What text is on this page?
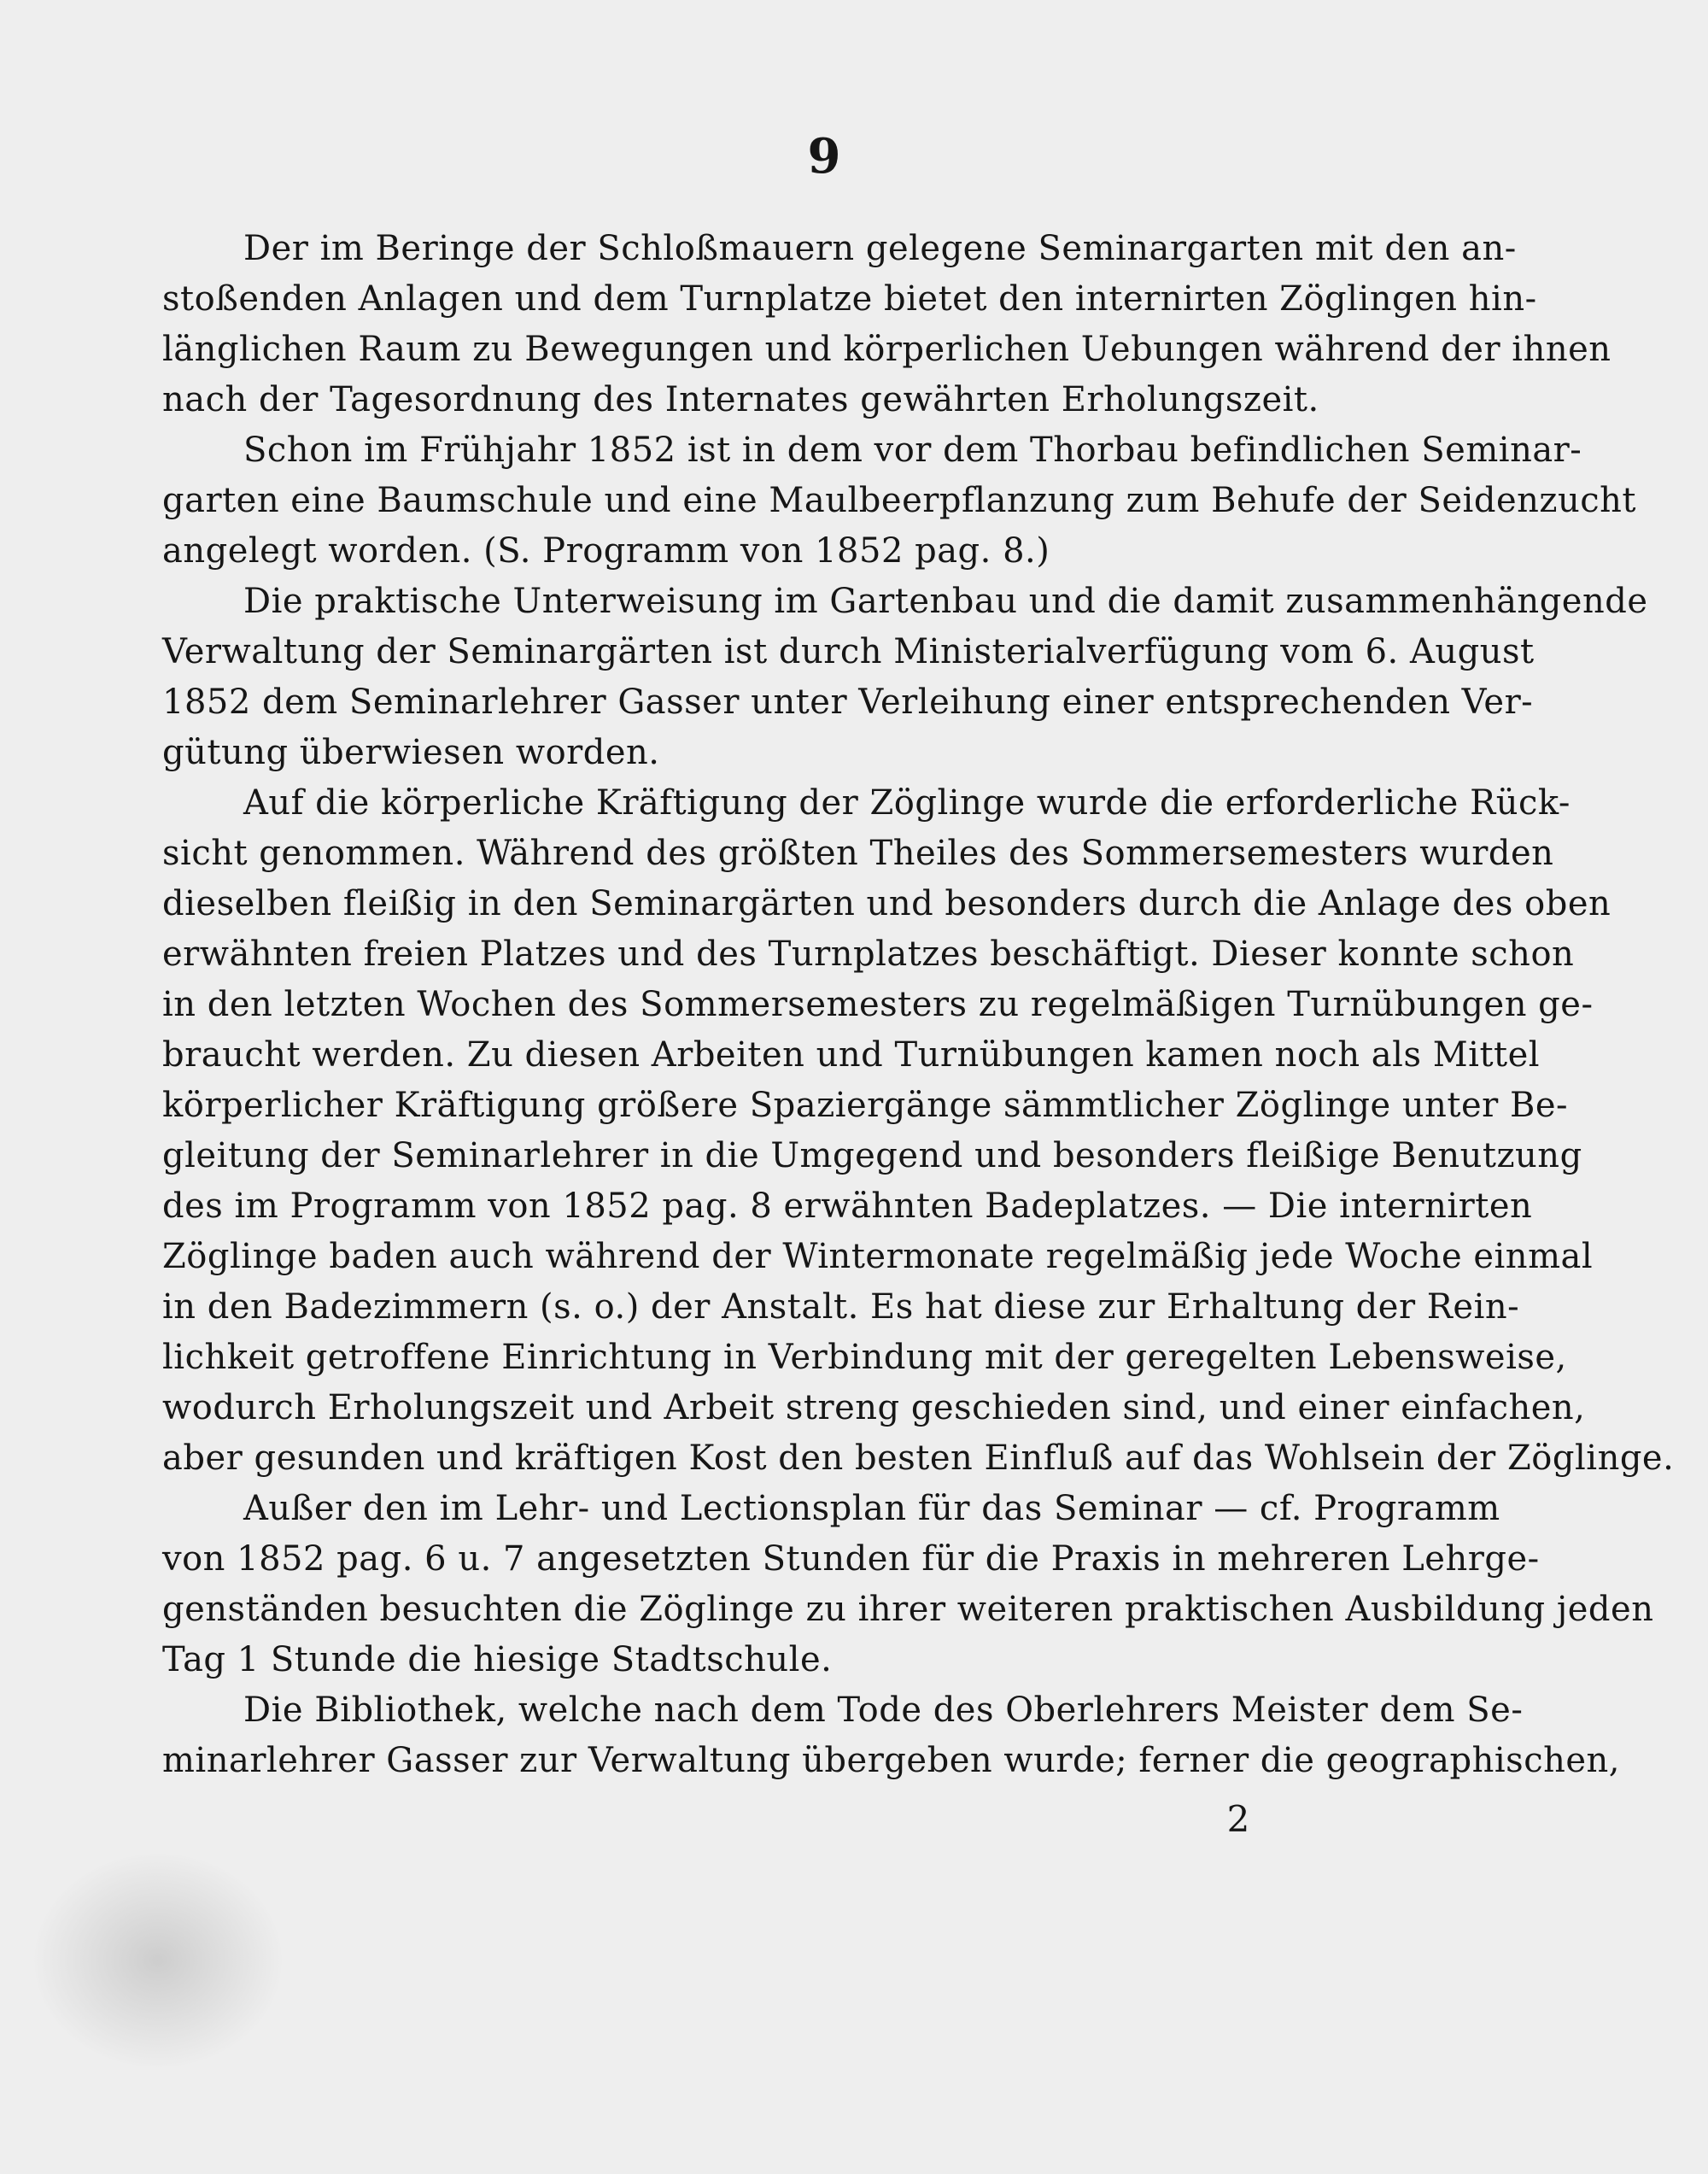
9
Der im Beringe der Schloßmauern gelegene Seminargarten mit den an-
stoßenden Anlagen und dem Turnplatze bietet den internirten Zöglingen hin-
länglichen Raum zu Bewegungen und körperlichen Uebungen während der ihnen
nach der Tagesordnung des Internates gewährten Erholungszeit.
Schon im Frühjahr 1852 ist in dem vor dem Thorbau befindlichen Seminar-
garten eine Baumschule und eine Maulbeerpflanzung zum Behufe der Seidenzucht
angelegt worden. (S. Programm von 1852 pag. 8.)
Die praktische Unterweisung im Gartenbau und die damit zusammenhängende
Verwaltung der Seminargärten ist durch Ministerialverfügung vom 6. August
1852 dem Seminarlehrer Gasser unter Verleihung einer entsprechenden Ver-
gütung überwiesen worden.
Auf die körperliche Kräftigung der Zöglinge wurde die erforderliche Rück-
sicht genommen. Während des größten Theiles des Sommersemesters wurden
dieselben fleißig in den Seminargärten und besonders durch die Anlage des oben
erwähnten freien Platzes und des Turnplatzes beschäftigt. Dieser konnte schon
in den letzten Wochen des Sommersemesters zu regelmäßigen Turnübungen ge-
braucht werden. Zu diesen Arbeiten und Turnübungen kamen noch als Mittel
körperlicher Kräftigung größere Spaziergänge sämmtlicher Zöglinge unter Be-
gleitung der Seminarlehrer in die Umgegend und besonders fleißige Benutzung
des im Programm von 1852 pag. 8 erwähnten Badeplatzes. — Die internirten
Zöglinge baden auch während der Wintermonate regelmäßig jede Woche einmal
in den Badezimmern (s. o.) der Anstalt. Es hat diese zur Erhaltung der Rein-
lichkeit getroffene Einrichtung in Verbindung mit der geregelten Lebensweise,
wodurch Erholungszeit und Arbeit streng geschieden sind, und einer einfachen,
aber gesunden und kräftigen Kost den besten Einfluß auf das Wohlsein der Zöglinge.
Außer den im Lehr- und Lectionsplan für das Seminar — cf. Programm
von 1852 pag. 6 u. 7 angesetzten Stunden für die Praxis in mehreren Lehrge-
genständen besuchten die Zöglinge zu ihrer weiteren praktischen Ausbildung jeden
Tag 1 Stunde die hiesige Stadtschule.
Die Bibliothek, welche nach dem Tode des Oberlehrers Meister dem Se-
minarlehrer Gasser zur Verwaltung übergeben wurde; ferner die geographischen,
2
